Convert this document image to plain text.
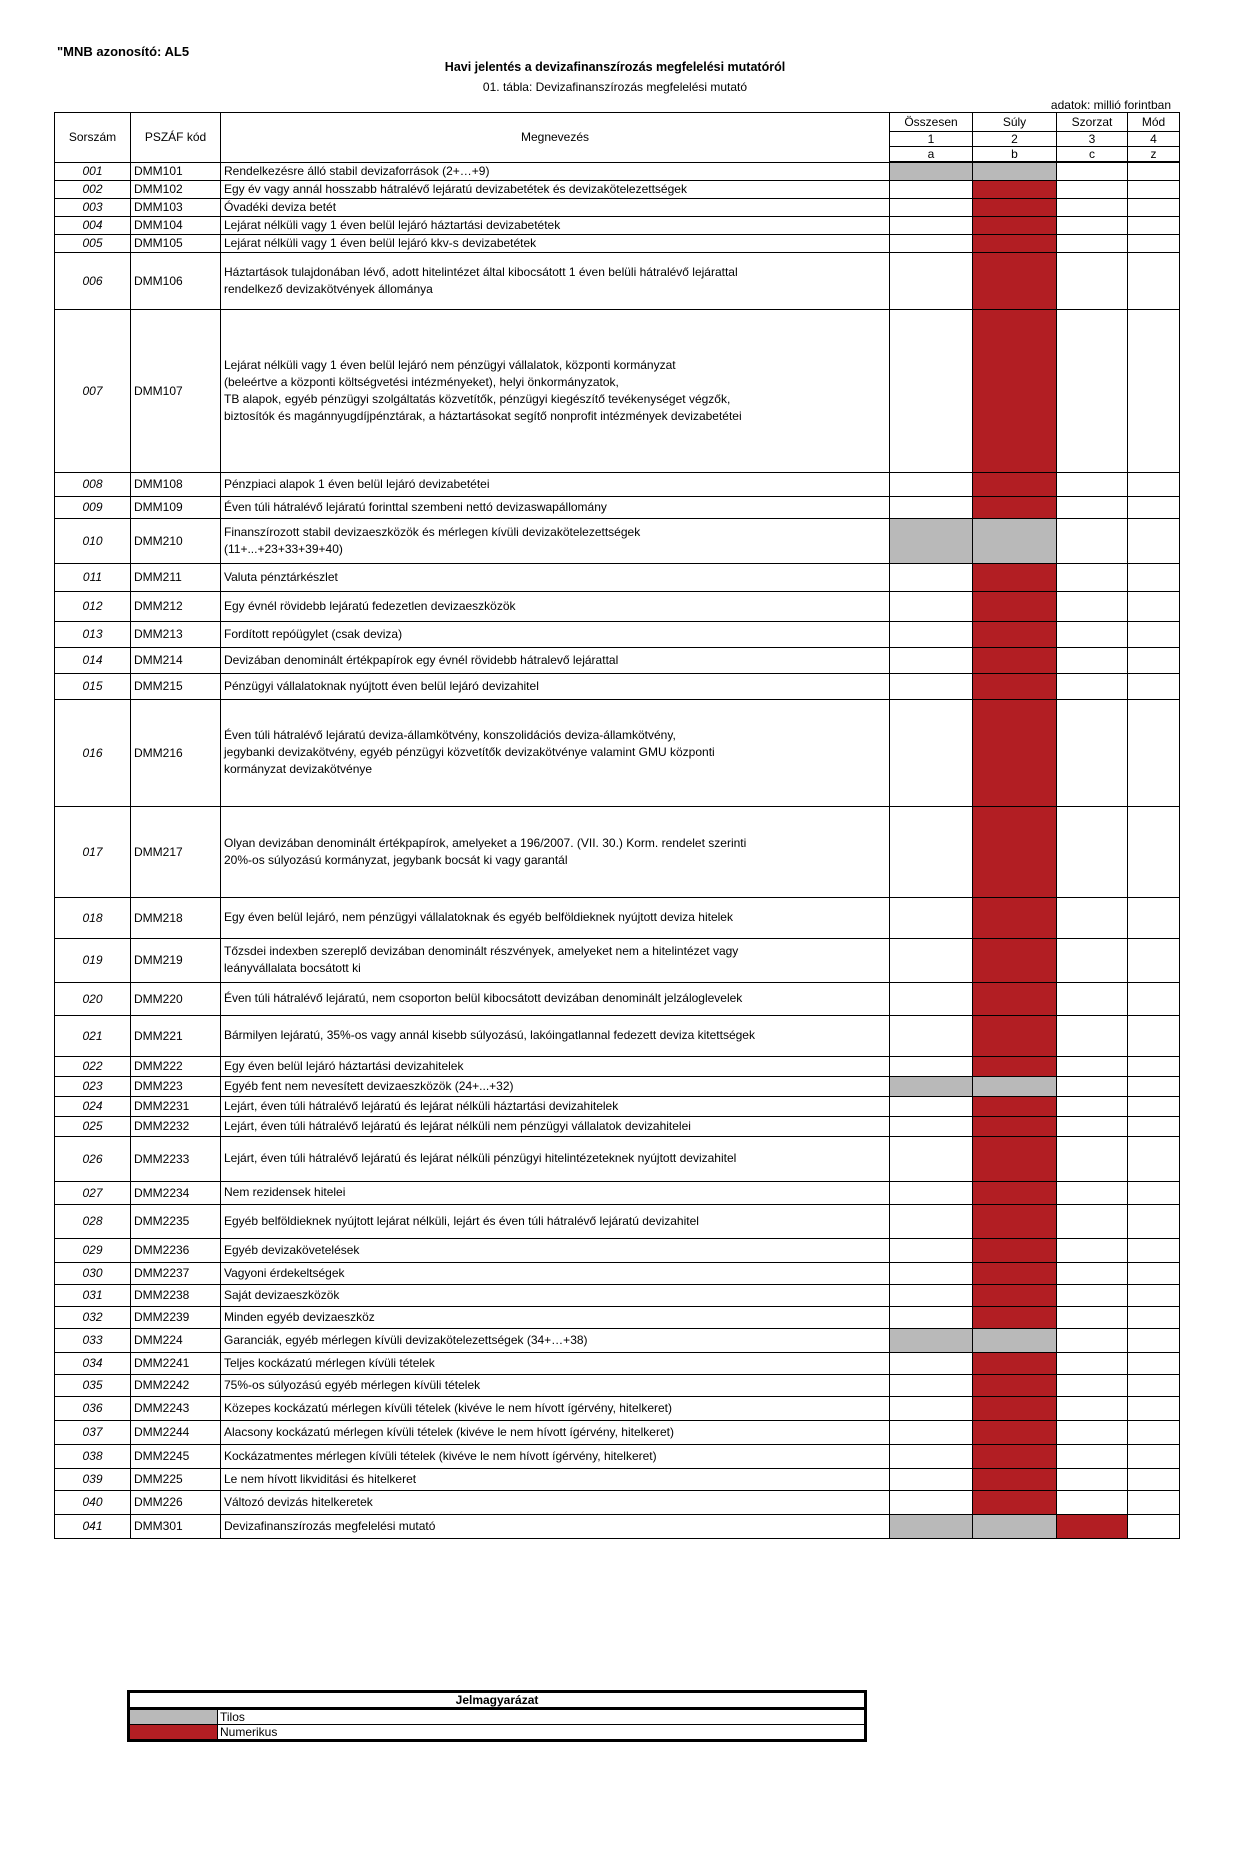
"MNB azonosító: AL5
Havi jelentés a devizafinanszírozás megfelelési mutatóról
01. tábla: Devizafinanszírozás megfelelési mutató
adatok: millió forintban
Sorszám	PSZÁF kód	Megnevezés	Összesen	Súly	Szorzat	Mód
			1	2	3	4
			a	b	c	z
001	DMM101	Rendelkezésre álló stabil devizaforrások (2+…+9)				
002	DMM102	Egy év vagy annál hosszabb hátralévő lejáratú devizabetétek és devizakötelezettségek				
003	DMM103	Óvadéki deviza betét				
004	DMM104	Lejárat nélküli vagy 1 éven belül lejáró háztartási devizabetétek				
005	DMM105	Lejárat nélküli vagy 1 éven belül lejáró kkv-s devizabetétek				
006	DMM106	Háztartások tulajdonában lévő, adott hitelintézet által kibocsátott 1 éven belüli hátralévő lejárattal
rendelkező devizakötvények állománya				
007	DMM107	Lejárat nélküli vagy 1 éven belül lejáró nem pénzügyi vállalatok, központi kormányzat
(beleértve a központi költségvetési intézményeket), helyi önkormányzatok,
TB alapok, egyéb pénzügyi szolgáltatás közvetítők, pénzügyi kiegészítő tevékenységet végzők,
biztosítók és magánnyugdíjpénztárak, a háztartásokat segítő nonprofit intézmények devizabetétei				
008	DMM108	Pénzpiaci alapok 1 éven belül lejáró devizabetétei				
009	DMM109	Éven túli hátralévő lejáratú forinttal szembeni nettó devizaswapállomány				
010	DMM210	Finanszírozott stabil devizaeszközök és mérlegen kívüli devizakötelezettségek
(11+...+23+33+39+40)				
011	DMM211	Valuta pénztárkészlet				
012	DMM212	Egy évnél rövidebb lejáratú fedezetlen devizaeszközök				
013	DMM213	Fordított repóügylet (csak deviza)				
014	DMM214	Devizában denominált értékpapírok egy évnél rövidebb hátralevő lejárattal				
015	DMM215	Pénzügyi vállalatoknak nyújtott éven belül lejáró devizahitel				
016	DMM216	Éven túli hátralévő lejáratú deviza-államkötvény, konszolidációs deviza-államkötvény,
jegybanki devizakötvény, egyéb pénzügyi közvetítők devizakötvénye valamint GMU központi
kormányzat devizakötvénye				
017	DMM217	Olyan devizában denominált értékpapírok, amelyeket a 196/2007. (VII. 30.) Korm. rendelet szerinti
20%-os súlyozású kormányzat, jegybank bocsát ki vagy garantál				
018	DMM218	Egy éven belül lejáró, nem pénzügyi vállalatoknak és egyéb belföldieknek nyújtott deviza hitelek				
019	DMM219	Tőzsdei indexben szereplő devizában denominált részvények, amelyeket nem a hitelintézet vagy
leányvállalata bocsátott ki				
020	DMM220	Éven túli hátralévő lejáratú, nem csoporton belül kibocsátott devizában denominált jelzáloglevelek				
021	DMM221	Bármilyen lejáratú, 35%-os vagy annál kisebb súlyozású, lakóingatlannal fedezett deviza kitettségek				
022	DMM222	Egy éven belül lejáró háztartási devizahitelek				
023	DMM223	Egyéb fent nem nevesített devizaeszközök (24+...+32)				
024	DMM2231	Lejárt, éven túli hátralévő lejáratú és lejárat nélküli háztartási devizahitelek				
025	DMM2232	Lejárt, éven túli hátralévő lejáratú és lejárat nélküli nem pénzügyi vállalatok devizahitelei				
026	DMM2233	Lejárt, éven túli hátralévő lejáratú és lejárat nélküli pénzügyi hitelintézeteknek nyújtott devizahitel				
027	DMM2234	Nem rezidensek hitelei				
028	DMM2235	Egyéb belföldieknek nyújtott lejárat nélküli, lejárt és éven túli hátralévő lejáratú devizahitel				
029	DMM2236	Egyéb devizakövetelések				
030	DMM2237	Vagyoni érdekeltségek				
031	DMM2238	Saját devizaeszközök				
032	DMM2239	Minden egyéb devizaeszköz				
033	DMM224	Garanciák, egyéb mérlegen kívüli devizakötelezettségek (34+…+38)				
034	DMM2241	Teljes kockázatú mérlegen kívüli tételek				
035	DMM2242	75%-os súlyozású egyéb mérlegen kívüli tételek				
036	DMM2243	Közepes kockázatú mérlegen kívüli tételek (kivéve le nem hívott ígérvény, hitelkeret)				
037	DMM2244	Alacsony kockázatú mérlegen kívüli tételek (kivéve le nem hívott ígérvény, hitelkeret)				
038	DMM2245	Kockázatmentes mérlegen kívüli tételek (kivéve le nem hívott ígérvény, hitelkeret)				
039	DMM225	Le nem hívott likviditási és hitelkeret				
040	DMM226	Változó devizás hitelkeretek				
041	DMM301	Devizafinanszírozás megfelelési mutató				
Jelmagyarázat	
	Tilos
	Numerikus
